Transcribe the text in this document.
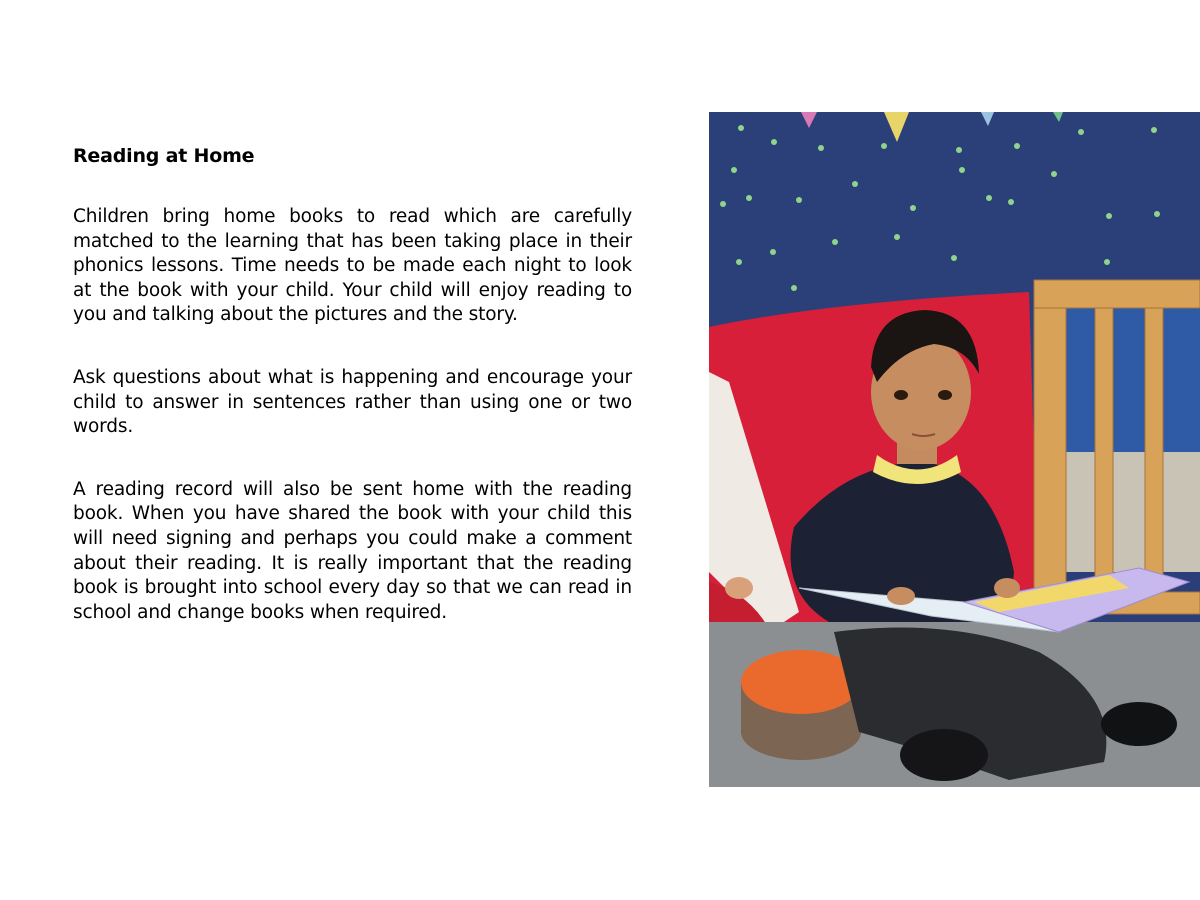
Reading at Home

Children bring home books to read which are carefully matched to the learning that has been taking place in their phonics lessons. Time needs to be made each night to look at the book with your child. Your child will enjoy reading to you and talking about the pictures and the story.

Ask questions about what is happening and encourage your child to answer in sentences rather than using one or two words.

A reading record will also be sent home with the reading book. When you have shared the book with your child this will need signing and perhaps you could make a comment about their reading. It is really important that the reading book is brought into school every day so that we can read in school and change books when required.
